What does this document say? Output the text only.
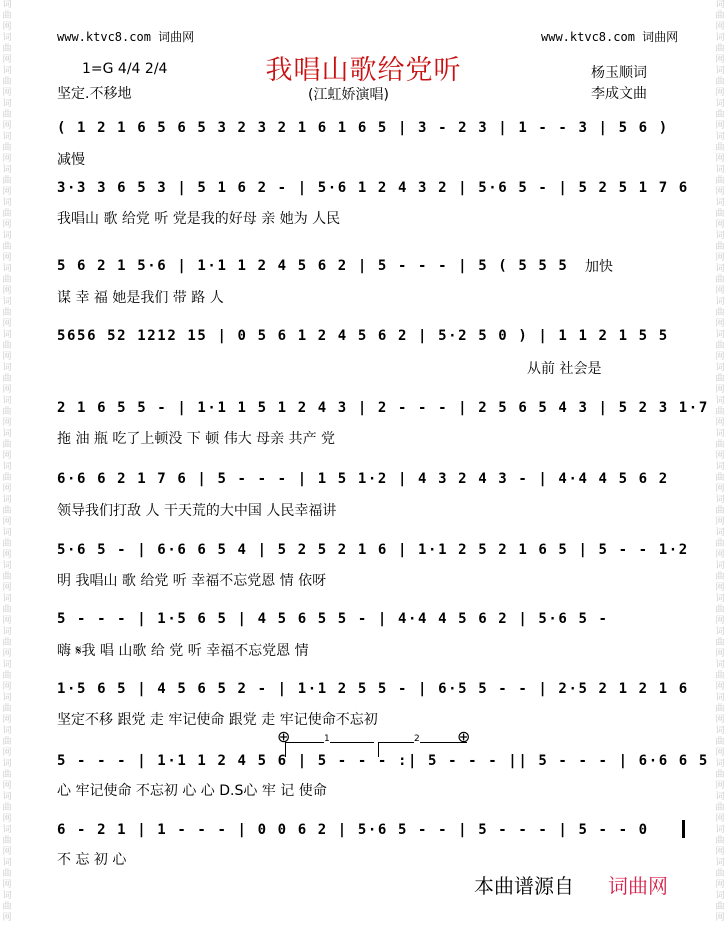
词
曲
网
词
曲
网
词
曲
网
词
曲
网
词
曲
网
词
曲
网
词
曲
网
词
曲
网
词
曲
网
词
曲
网
词
曲
网
词
曲
网
词
曲
网
词
曲
网
词
曲
网
词
曲
网
词
曲
网
词
曲
网
词
曲
网
词
曲
网
词
曲
网
词
曲
网
词
曲
网
词
曲
网
词
曲
网
词
曲
网
词
曲
网
词
曲
网
词
曲
网
词
曲
网
词
曲
网
词
曲
网
词
曲
网
词
曲
网
词
曲
网
词
曲
网
词
曲
网
词
曲
网
词
曲
网
词
曲
网
词
曲
网
词
曲
网
词
曲
网
词
曲
网
词
曲
网
词
曲
网
词
曲
网
词
曲
网
词
曲
网
词
曲
网
词
曲
网
词
曲
网
词
曲
网
词
曲
网
词
曲
网
词
曲
网
www.ktvc8.com 词曲网	www.ktvc8.com 词曲网
我唱山歌给党听
1=G 4/4 2/4
坚定.不移地	(江虹娇演唱)
杨玉顺词
李成文曲
减慢
加快
1	2
⊕	⊕
( 1 2 1 6 5 6 5 3 2 3 2 1 6 1 6 5 | 3 - 2 3 | 1 - - 3 | 5 6 )
3·3 3 6 5 3 | 5 1 6 2 - | 5·6 1 2 4 3 2 | 5·6 5 - | 5 2 5 1 7 6
我唱山 歌 给党 听 党是我的好母 亲 她为 人民
5 6 2 1 5·6 | 1·1 1 2 4 5 6 2 | 5 - - - | 5 ( 5 5 5
谋 幸 福 她是我们 带 路 人
5656 52 1212 15 | 0 5 6 1 2 4 5 6 2 | 5·2 5 0 ) | 1 1 2 1 5 5
从前 社会是
2 1 6 5 5 - | 1·1 1 5 1 2 4 3 | 2 - - - | 2 5 6 5 4 3 | 5 2 3 1·7
拖 油 瓶 吃了上顿没 下 顿 伟大 母亲 共产 党
6·6 6 2 1 7 6 | 5 - - - | 1 5 1·2 | 4 3 2 4 3 - | 4·4 4 5 6 2
领导我们打敌 人 干天荒的大中国 人民幸福讲
5·6 5 - | 6·6 6 5 4 | 5 2 5 2 1 6 | 1·1 2 5 2 1 6 5 | 5 - - 1·2
明 我唱山 歌 给党 听 幸福不忘党恩 情 依呀
5 - - - | 1·5 6 5 | 4 5 6 5 5 - | 4·4 4 5 6 2 | 5·6 5 -
嗨 𝄋我 唱 山歌 给 党 听 幸福不忘党恩 情
1·5 6 5 | 4 5 6 5 2 - | 1·1 2 5 5 - | 6·5 5 - - | 2·5 2 1 2 1 6
坚定不移 跟党 走 牢记使命 跟党 走 牢记使命不忘初
5 - - - | 1·1 1 2 4 5 6 | 5 - - - :| 5 - - - || 5 - - - | 6·6 6 5
心 牢记使命 不忘初 心 心 D.S心 牢 记 使命
6 - 2 1 | 1 - - - | 0 0 6 2 | 5·6 5 - - | 5 - - - | 5 - - 0
不 忘 初 心
本曲谱源自 词曲网
